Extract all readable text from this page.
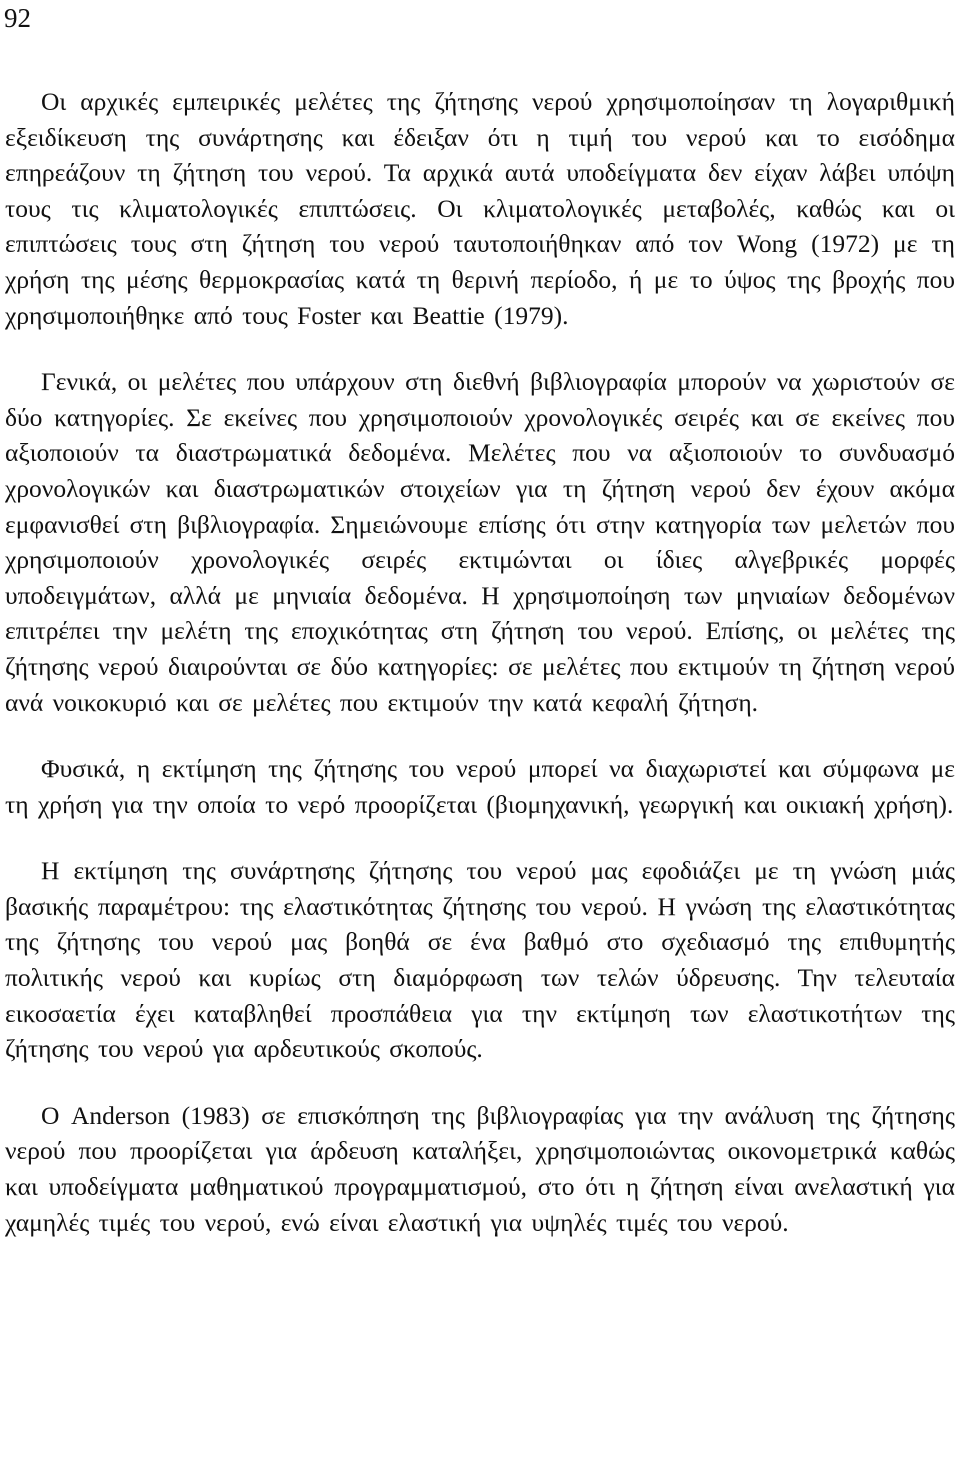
92

Οι αρχικές εμπειρικές μελέτες της ζήτησης νερού χρησιμοποίησαν τη λογαριθμική εξειδίκευση της συνάρτησης και έδειξαν ότι η τιμή του νερού και το εισόδημα επηρεάζουν τη ζήτηση του νερού. Τα αρχικά αυτά υποδείγματα δεν είχαν λάβει υπόψη τους τις κλιματολογικές επιπτώσεις. Οι κλιματολογικές μεταβολές, καθώς και οι επιπτώσεις τους στη ζήτηση του νερού ταυτοποιήθηκαν από τον Wong (1972) με τη χρήση της μέσης θερμοκρασίας κατά τη θερινή περίοδο, ή με το ύψος της βροχής που χρησιμοποιήθηκε από τους Foster και Beattie (1979).

Γενικά, οι μελέτες που υπάρχουν στη διεθνή βιβλιογραφία μπορούν να χωριστούν σε δύο κατηγορίες. Σε εκείνες που χρησιμοποιούν χρονολογικές σειρές και σε εκείνες που αξιοποιούν τα διαστρωματικά δεδομένα. Μελέτες που να αξιοποιούν το συνδυασμό χρονολογικών και διαστρωματικών στοιχείων για τη ζήτηση νερού δεν έχουν ακόμα εμφανισθεί στη βιβλιογραφία. Σημειώνουμε επίσης ότι στην κατηγορία των μελετών που χρησιμοποιούν χρονολογικές σειρές εκτιμώνται οι ίδιες αλγεβρικές μορφές υποδειγμάτων, αλλά με μηνιαία δεδομένα. Η χρησιμοποίηση των μηνιαίων δεδομένων επιτρέπει την μελέτη της εποχικότητας στη ζήτηση του νερού. Επίσης, οι μελέτες της ζήτησης νερού διαιρούνται σε δύο κατηγορίες: σε μελέτες που εκτιμούν τη ζήτηση νερού ανά νοικοκυριό και σε μελέτες που εκτιμούν την κατά κεφαλή ζήτηση.

Φυσικά, η εκτίμηση της ζήτησης του νερού μπορεί να διαχωριστεί και σύμφωνα με τη χρήση για την οποία το νερό προορίζεται (βιομηχανική, γεωργική και οικιακή χρήση).

Η εκτίμηση της συνάρτησης ζήτησης του νερού μας εφοδιάζει με τη γνώση μιάς βασικής παραμέτρου: της ελαστικότητας ζήτησης του νερού. Η γνώση της ελαστικότητας της ζήτησης του νερού μας βοηθά σε ένα βαθμό στο σχεδιασμό της επιθυμητής πολιτικής νερού και κυρίως στη διαμόρφωση των τελών ύδρευσης. Την τελευταία εικοσαετία έχει καταβληθεί προσπάθεια για την εκτίμηση των ελαστικοτήτων της ζήτησης του νερού για αρδευτικούς σκοπούς.

Ο Anderson (1983) σε επισκόπηση της βιβλιογραφίας για την ανάλυση της ζήτησης νερού που προορίζεται για άρδευση καταλήξει, χρησιμοποιώντας οικονομετρικά καθώς και υποδείγματα μαθηματικού προγραμματισμού, στο ότι η ζήτηση είναι ανελαστική για χαμηλές τιμές του νερού, ενώ είναι ελαστική για υψηλές τιμές του νερού.
